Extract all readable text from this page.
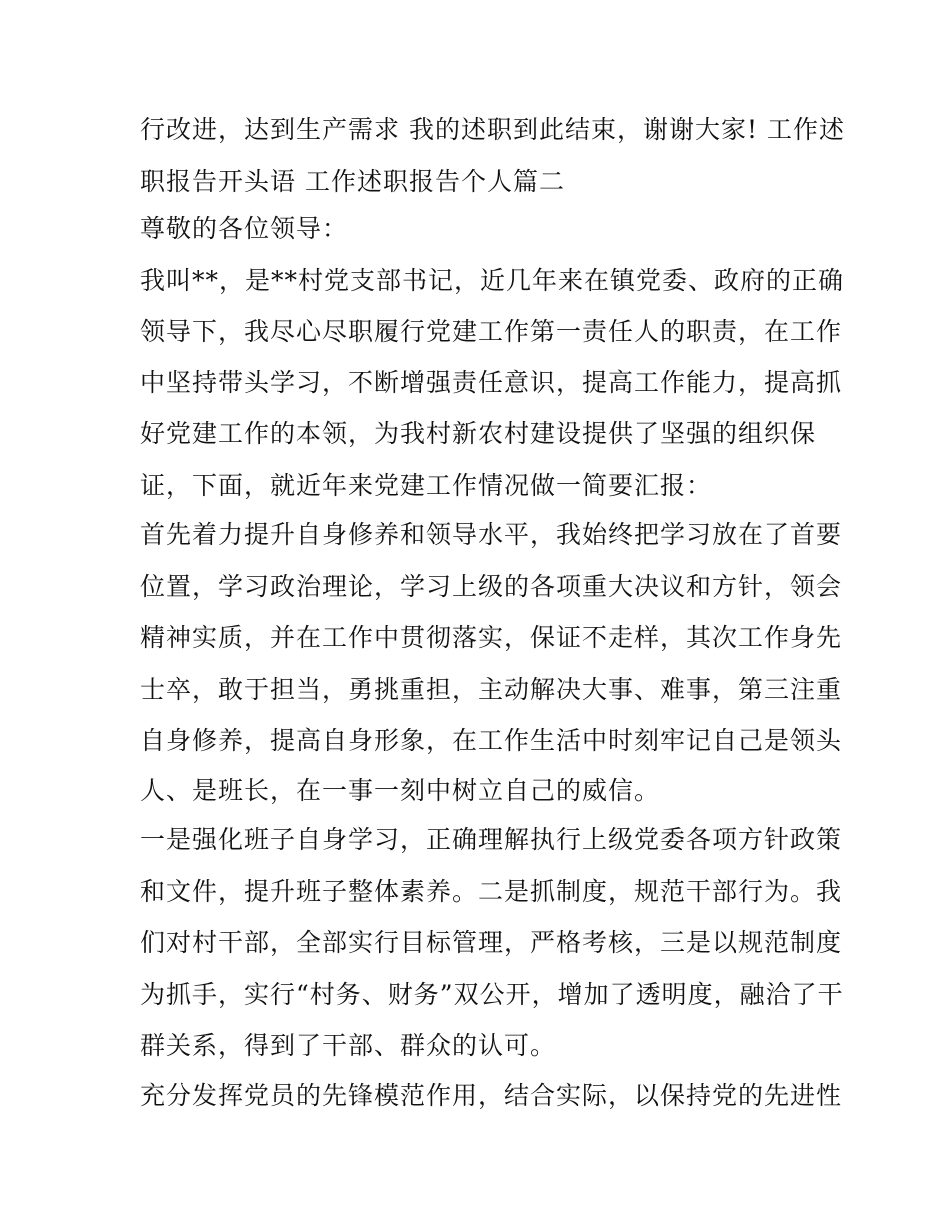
行改进，达到生产需求 我的述职到此结束，谢谢大家! 工作述
职报告开头语 工作述职报告个人篇二
尊敬的各位领导：
我叫**，是**村党支部书记，近几年来在镇党委、政府的正确
领导下，我尽心尽职履行党建工作第一责任人的职责，在工作
中坚持带头学习，不断增强责任意识，提高工作能力，提高抓
好党建工作的本领，为我村新农村建设提供了坚强的组织保
证，下面，就近年来党建工作情况做一简要汇报：
首先着力提升自身修养和领导水平，我始终把学习放在了首要
位置，学习政治理论，学习上级的各项重大决议和方针，领会
精神实质，并在工作中贯彻落实，保证不走样，其次工作身先
士卒，敢于担当，勇挑重担，主动解决大事、难事，第三注重
自身修养，提高自身形象，在工作生活中时刻牢记自己是领头
人、是班长，在一事一刻中树立自己的威信。
一是强化班子自身学习，正确理解执行上级党委各项方针政策
和文件，提升班子整体素养。二是抓制度，规范干部行为。我
们对村干部，全部实行目标管理，严格考核，三是以规范制度
为抓手，实行“村务、财务”双公开，增加了透明度，融洽了干
群关系，得到了干部、群众的认可。
充分发挥党员的先锋模范作用，结合实际，以保持党的先进性
